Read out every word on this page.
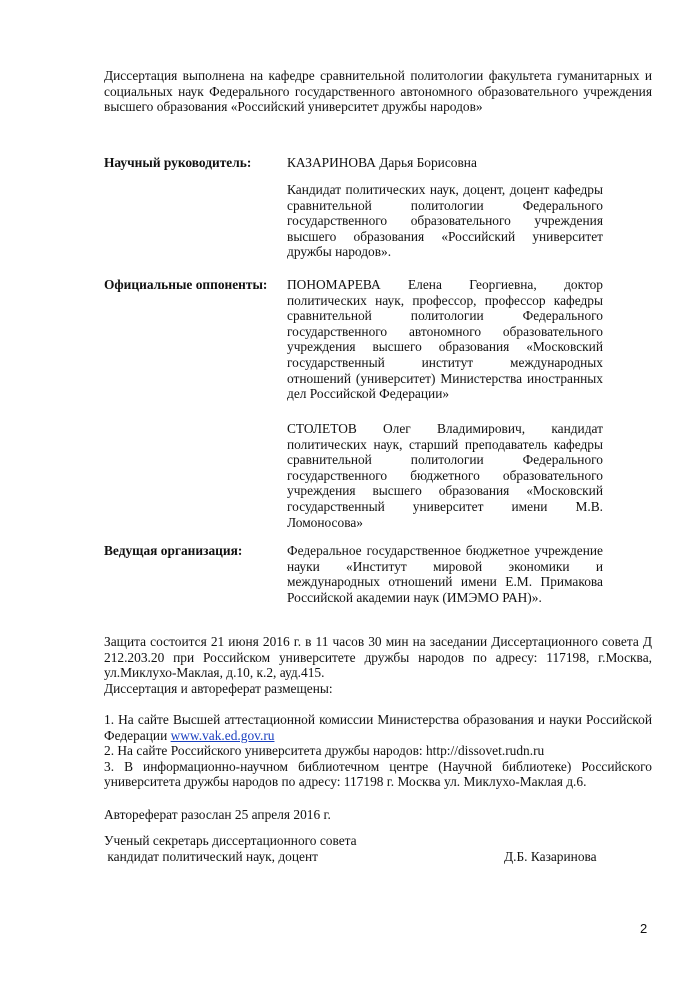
Диссертация выполнена на кафедре сравнительной политологии факультета гуманитарных и социальных наук Федерального государственного автономного образовательного учреждения высшего образования «Российский университет дружбы народов»
Научный руководитель:	КАЗАРИНОВА Дарья Борисовна
Кандидат политических наук, доцент, доцент кафедры сравнительной политологии Федерального государственного образовательного учреждения высшего образования «Российский университет дружбы народов».
Официальные оппоненты:	ПОНОМАРЕВА Елена Георгиевна, доктор политических наук, профессор, профессор кафедры сравнительной политологии Федерального государственного автономного образовательного учреждения высшего образования «Московский государственный институт международных отношений (университет) Министерства иностранных дел Российской Федерации»
СТОЛЕТОВ Олег Владимирович, кандидат политических наук, старший преподаватель кафедры сравнительной политологии Федерального государственного бюджетного образовательного учреждения высшего образования «Московский государственный университет имени М.В. Ломоносова»
Ведущая организация:	Федеральное государственное бюджетное учреждение науки «Институт мировой экономики и международных отношений имени Е.М. Примакова Российской академии наук (ИМЭМО РАН)».
Защита состоится 21 июня 2016 г. в 11 часов 30 мин на заседании Диссертационного совета Д 212.203.20 при Российском университете дружбы народов по адресу: 117198, г.Москва, ул.Миклухо-Маклая, д.10, к.2, ауд.415.
Диссертация и автореферат размещены:
1. На сайте Высшей аттестационной комиссии Министерства образования и науки Российской Федерации www.vak.ed.gov.ru
2. На сайте Российского университета дружбы народов: http://dissovet.rudn.ru
3. В информационно-научном библиотечном центре (Научной библиотеке) Российского университета дружбы народов по адресу: 117198 г. Москва ул. Миклухо-Маклая д.6.
Автореферат разослан 25 апреля 2016 г.
Ученый секретарь диссертационного совета
кандидат политический наук, доцент	Д.Б. Казаринова
2
